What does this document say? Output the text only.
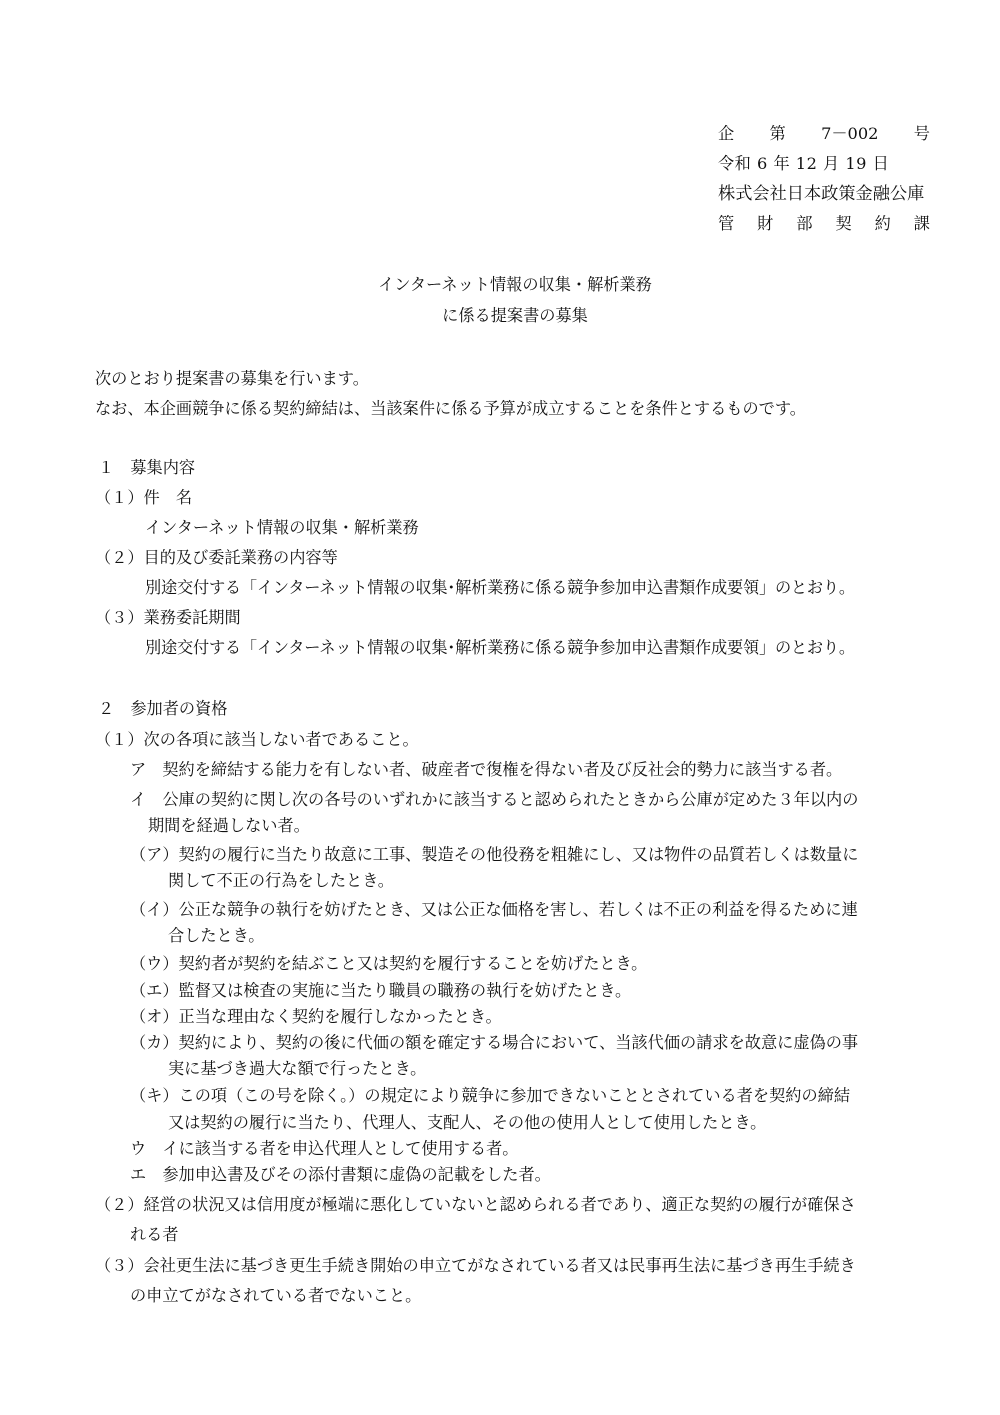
企 第 7－002 号
令和 6 年 12 月 19 日
株式会社日本政策金融公庫
管 財 部 契 約 課
インターネット情報の収集・解析業務
に係る提案書の募集
次のとおり提案書の募集を行います。
なお、本企画競争に係る契約締結は、当該案件に係る予算が成立することを条件とするものです。
１　募集内容
（１）件　名
インターネット情報の収集・解析業務
（２）目的及び委託業務の内容等
別途交付する「インターネット情報の収集･解析業務に係る競争参加申込書類作成要領」のとおり。
（３）業務委託期間
別途交付する「インターネット情報の収集･解析業務に係る競争参加申込書類作成要領」のとおり。
２　参加者の資格
（１）次の各項に該当しない者であること。
ア　契約を締結する能力を有しない者、破産者で復権を得ない者及び反社会的勢力に該当する者。
イ　公庫の契約に関し次の各号のいずれかに該当すると認められたときから公庫が定めた３年以内の
期間を経過しない者。
（ア）契約の履行に当たり故意に工事、製造その他役務を粗雑にし、又は物件の品質若しくは数量に
関して不正の行為をしたとき。
（イ）公正な競争の執行を妨げたとき、又は公正な価格を害し、若しくは不正の利益を得るために連
合したとき。
（ウ）契約者が契約を結ぶこと又は契約を履行することを妨げたとき。
（エ）監督又は検査の実施に当たり職員の職務の執行を妨げたとき。
（オ）正当な理由なく契約を履行しなかったとき。
（カ）契約により、契約の後に代価の額を確定する場合において、当該代価の請求を故意に虚偽の事
実に基づき過大な額で行ったとき。
（キ）この項（この号を除く。）の規定により競争に参加できないこととされている者を契約の締結
又は契約の履行に当たり、代理人、支配人、その他の使用人として使用したとき。
ウ　イに該当する者を申込代理人として使用する者。
エ　参加申込書及びその添付書類に虚偽の記載をした者。
（２）経営の状況又は信用度が極端に悪化していないと認められる者であり、適正な契約の履行が確保さ
れる者
（３）会社更生法に基づき更生手続き開始の申立てがなされている者又は民事再生法に基づき再生手続き
の申立てがなされている者でないこと。
